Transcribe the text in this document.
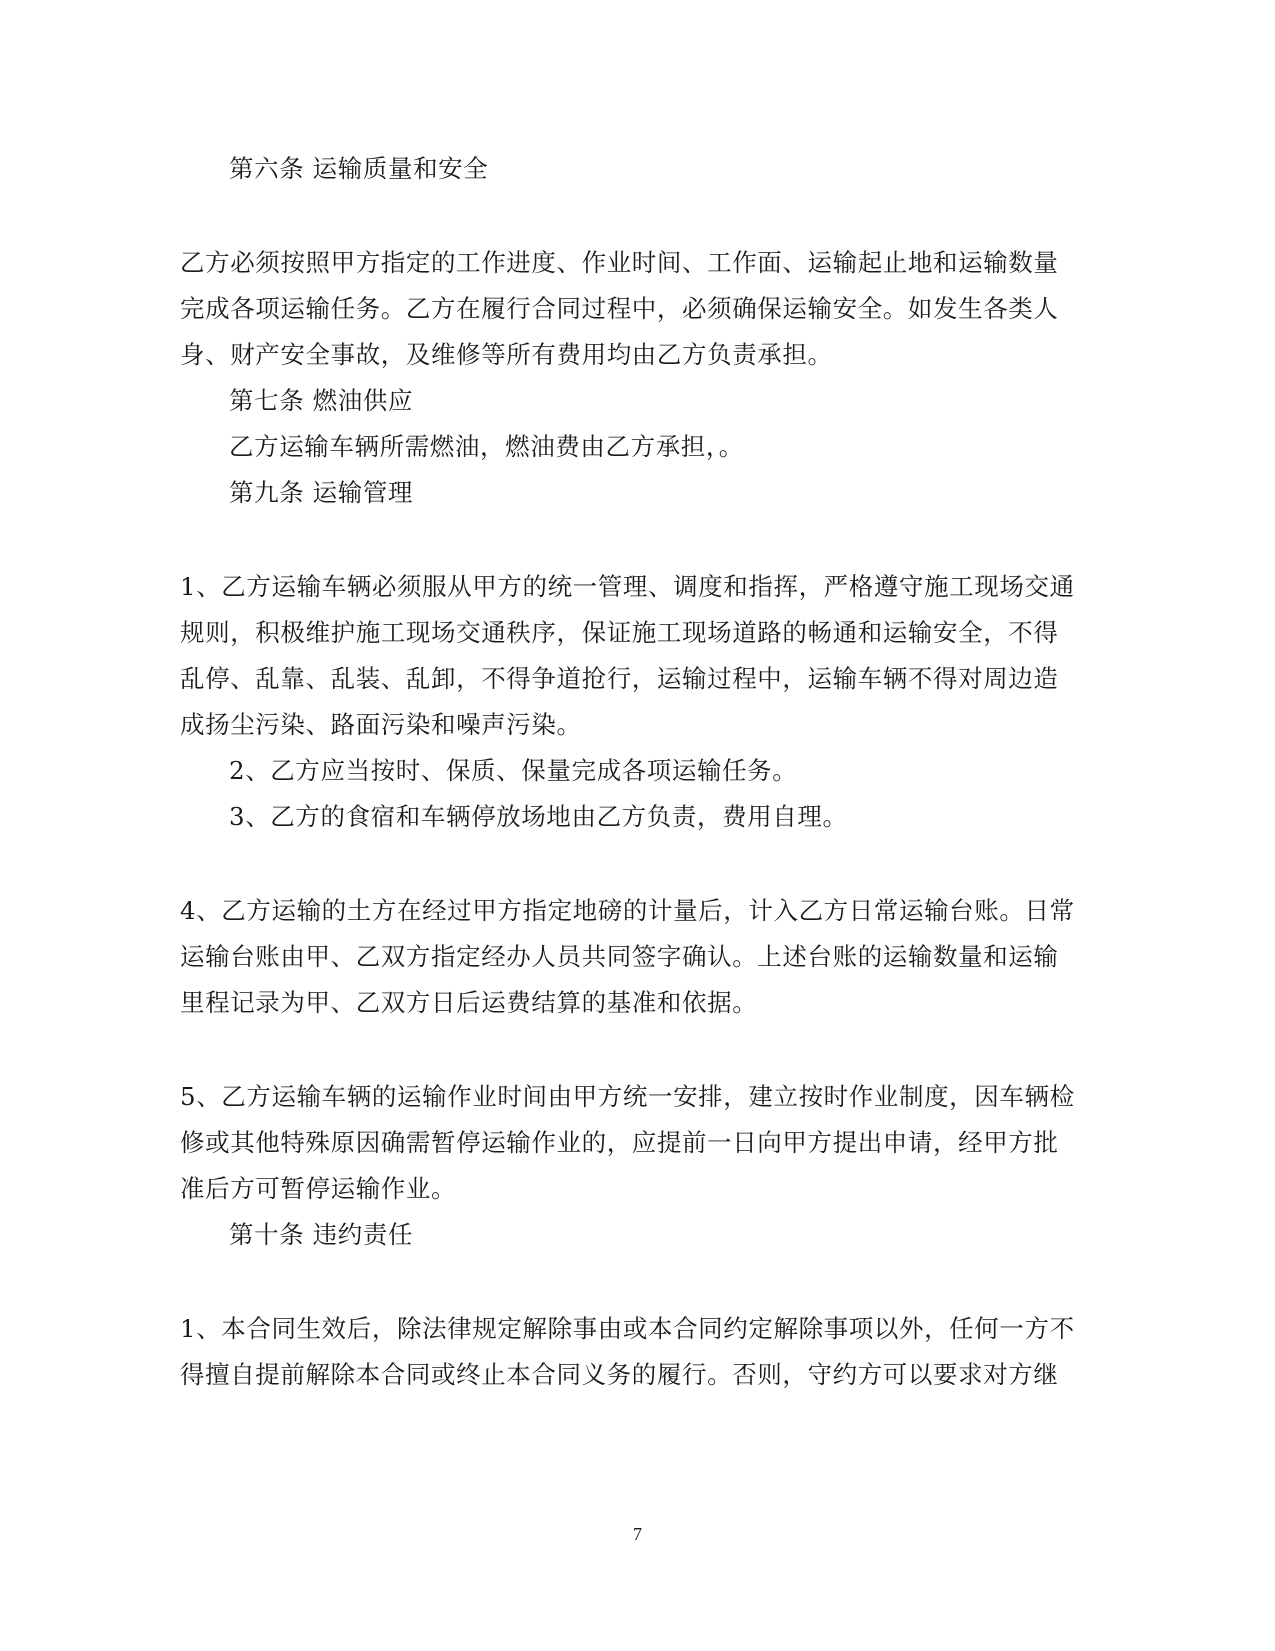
第六条 运输质量和安全
乙方必须按照甲方指定的工作进度、作业时间、工作面、运输起止地和运输数量
完成各项运输任务。乙方在履行合同过程中，必须确保运输安全。如发生各类人
身、财产安全事故，及维修等所有费用均由乙方负责承担。
第七条 燃油供应
乙方运输车辆所需燃油，燃油费由乙方承担，。
第九条 运输管理
1、乙方运输车辆必须服从甲方的统一管理、调度和指挥，严格遵守施工现场交通
规则，积极维护施工现场交通秩序，保证施工现场道路的畅通和运输安全，不得
乱停、乱靠、乱装、乱卸，不得争道抢行，运输过程中，运输车辆不得对周边造
成扬尘污染、路面污染和噪声污染。
2、乙方应当按时、保质、保量完成各项运输任务。
3、乙方的食宿和车辆停放场地由乙方负责，费用自理。
4、乙方运输的土方在经过甲方指定地磅的计量后，计入乙方日常运输台账。日常
运输台账由甲、乙双方指定经办人员共同签字确认。上述台账的运输数量和运输
里程记录为甲、乙双方日后运费结算的基准和依据。
5、乙方运输车辆的运输作业时间由甲方统一安排，建立按时作业制度，因车辆检
修或其他特殊原因确需暂停运输作业的，应提前一日向甲方提出申请，经甲方批
准后方可暂停运输作业。
第十条 违约责任
1、本合同生效后，除法律规定解除事由或本合同约定解除事项以外，任何一方不
得擅自提前解除本合同或终止本合同义务的履行。否则，守约方可以要求对方继
7
